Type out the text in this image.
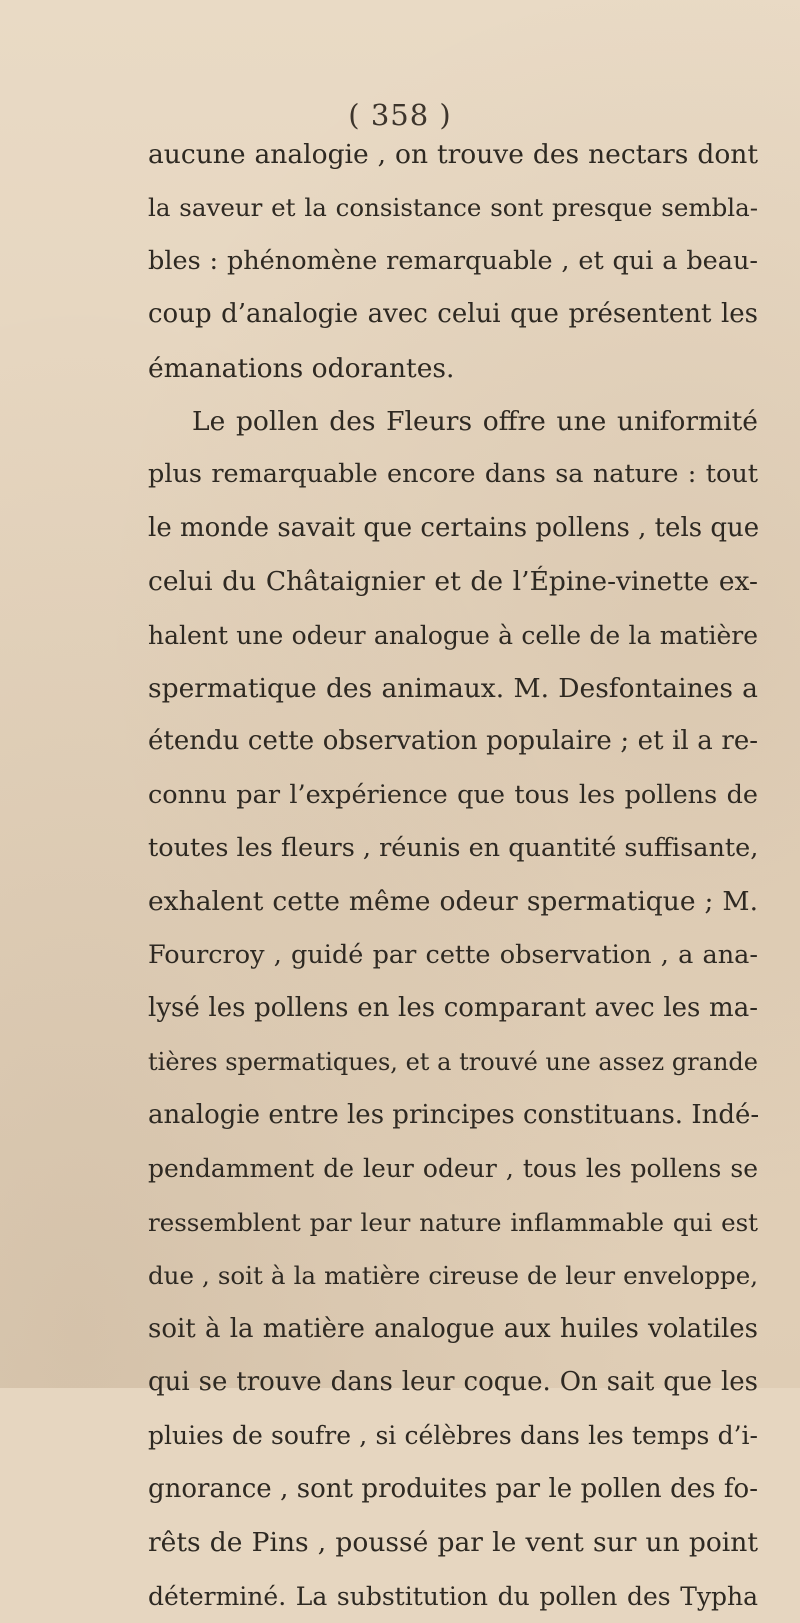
( 358 )
aucune analogie , on trouve des nectars dont
la saveur et la consistance sont presque sembla-
bles : phénomène remarquable , et qui a beau-
coup d’analogie avec celui que présentent les
émanations odorantes.
Le pollen des Fleurs offre une uniformité
plus remarquable encore dans sa nature : tout
le monde savait que certains pollens , tels que
celui du Châtaignier et de l’Épine-vinette ex-
halent une odeur analogue à celle de la matière
spermatique des animaux. M. Desfontaines a
étendu cette observation populaire ; et il a re-
connu par l’expérience que tous les pollens de
toutes les fleurs , réunis en quantité suffisante,
exhalent cette même odeur spermatique ; M.
Fourcroy , guidé par cette observation , a ana-
lysé les pollens en les comparant avec les ma-
tières spermatiques, et a trouvé une assez grande
analogie entre les principes constituans. Indé-
pendamment de leur odeur , tous les pollens se
ressemblent par leur nature inflammable qui est
due , soit à la matière cireuse de leur enveloppe,
soit à la matière analogue aux huiles volatiles
qui se trouve dans leur coque. On sait que les
pluies de soufre , si célèbres dans les temps d’i-
gnorance , sont produites par le pollen des fo-
rêts de Pins , poussé par le vent sur un point
déterminé. La substitution du pollen des Typha
